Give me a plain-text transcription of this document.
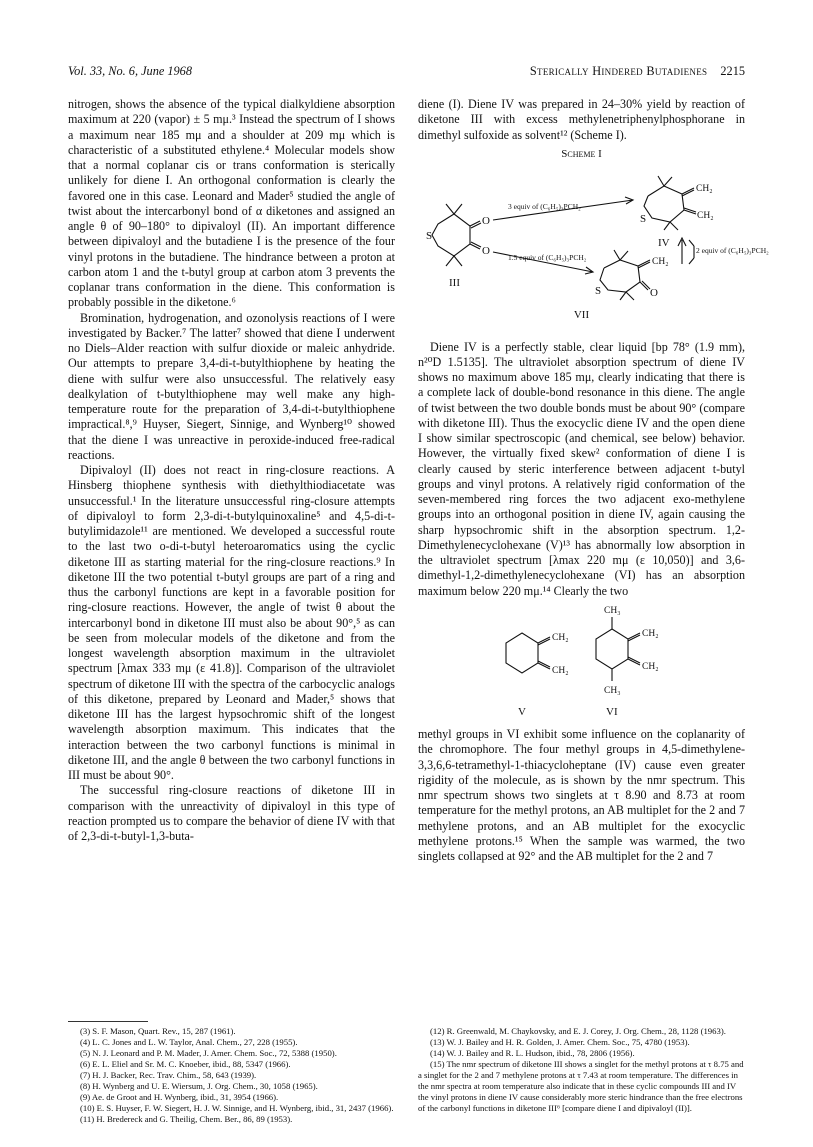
Vol. 33, No. 6, June 1968	Sterically Hindered Butadienes 2215

nitrogen, shows the absence of the typical dialkyldiene absorption maximum at 220 (vapor) ± 5 mμ.³ Instead the spectrum of I shows a maximum near 185 mμ and a shoulder at 209 mμ which is characteristic of a substituted ethylene.⁴ Molecular models show that a normal coplanar cis or trans conformation is sterically unlikely for diene I. An orthogonal conformation is clearly the favored one in this case. Leonard and Mader⁵ studied the angle of twist about the intercarbonyl bond of α diketones and assigned an angle θ of 90–180° to dipivaloyl (II). An important difference between dipivaloyl and the butadiene I is the presence of the four vinyl protons in the butadiene. The hindrance between a proton at carbon atom 1 and the t-butyl group at carbon atom 3 prevents the coplanar trans conformation in the diene. This conformation is probably possible in the diketone.⁶

Bromination, hydrogenation, and ozonolysis reactions of I were investigated by Backer.⁷ The latter⁷ showed that diene I underwent no Diels–Alder reaction with sulfur dioxide or maleic anhydride. Our attempts to prepare 3,4-di-t-butylthiophene by heating the diene with sulfur were also unsuccessful. The relatively easy dealkylation of t-butylthiophene may well make any high-temperature route for the preparation of 3,4-di-t-butylthiophene impractical.⁸,⁹ Huyser, Siegert, Sinnige, and Wynberg¹⁰ showed that the diene I was unreactive in peroxide-induced free-radical reactions.

Dipivaloyl (II) does not react in ring-closure reactions. A Hinsberg thiophene synthesis with diethylthiodiacetate was unsuccessful.¹ In the literature unsuccessful ring-closure attempts of dipivaloyl to form 2,3-di-t-butylquinoxaline⁵ and 4,5-di-t-butylimidazole¹¹ are mentioned. We developed a successful route to the last two o-di-t-butyl heteroaromatics using the cyclic diketone III as starting material for the ring-closure reactions.⁹ In diketone III the two potential t-butyl groups are part of a ring and thus the carbonyl functions are kept in a favorable position for ring-closure reactions. However, the angle of twist θ about the intercarbonyl bond in diketone III must also be about 90°,⁵ as can be seen from molecular models of the diketone and from the longest wavelength absorption maximum in the ultraviolet spectrum [λmax 333 mμ (ε 41.8)]. Comparison of the ultraviolet spectrum of diketone III with the spectra of the carbocyclic analogs of this diketone, prepared by Leonard and Mader,⁵ shows that diketone III has the largest hypsochromic shift of the longest wavelength absorption maximum. This indicates that the interaction between the two carbonyl functions is minimal in diketone III, and the angle θ between the two carbonyl functions in III must be about 90°.

The successful ring-closure reactions of diketone III in comparison with the unreactivity of dipivaloyl in this type of reaction prompted us to compare the behavior of diene IV with that of 2,3-di-t-butyl-1,3-buta-

diene (I). Diene IV was prepared in 24–30% yield by reaction of diketone III with excess methylenetriphenylphosphorane in dimethyl sulfoxide as solvent¹² (Scheme I).

Scheme I
S
O
O
III
3 equiv of (C₆H₅)₃PCH₂
1.5 equiv of (C₆H₅)₃PCH₂
S
CH₂
CH₂
IV
2 equiv of (C₆H₅)₃PCH₂
S
CH₂
O
VII

Diene IV is a perfectly stable, clear liquid [bp 78° (1.9 mm), n²⁰D 1.5135]. The ultraviolet absorption spectrum of diene IV shows no maximum above 185 mμ, clearly indicating that there is a complete lack of double-bond resonance in this diene. The angle of twist between the two double bonds must be about 90° (compare with diketone III). Thus the exocyclic diene IV and the open diene I show similar spectroscopic (and chemical, see below) behavior. However, the virtually fixed skew² conformation of diene I is clearly caused by steric interference between adjacent t-butyl groups and vinyl protons. A relatively rigid conformation of the seven-membered ring forces the two adjacent exo-methylene groups into an orthogonal position in diene IV, again causing the sharp hypsochromic shift in the absorption spectrum. 1,2-Dimethylenecyclohexane (V)¹³ has abnormally low absorption in the ultraviolet spectrum [λmax 220 mμ (ε 10,050)] and 3,6-dimethyl-1,2-dimethylenecyclohexane (VI) has an absorption maximum below 220 mμ.¹⁴ Clearly the two

CH₂
CH₂
CH₂
CH₂
CH₃
CH₃
V	VI

methyl groups in VI exhibit some influence on the coplanarity of the chromophore. The four methyl groups in 4,5-dimethylene-3,3,6,6-tetramethyl-1-thiacycloheptane (IV) cause even greater rigidity of the molecule, as is shown by the nmr spectrum. This nmr spectrum shows two singlets at τ 8.90 and 8.73 at room temperature for the methyl protons, an AB multiplet for the 2 and 7 methylene protons, and an AB multiplet for the exocyclic methylene protons.¹⁵ When the sample was warmed, the two singlets collapsed at 92° and the AB multiplet for the 2 and 7

(3) S. F. Mason, Quart. Rev., 15, 287 (1961).
(4) L. C. Jones and L. W. Taylor, Anal. Chem., 27, 228 (1955).
(5) N. J. Leonard and P. M. Mader, J. Amer. Chem. Soc., 72, 5388 (1950).
(6) E. L. Eliel and Sr. M. C. Knoeber, ibid., 88, 5347 (1966).
(7) H. J. Backer, Rec. Trav. Chim., 58, 643 (1939).
(8) H. Wynberg and U. E. Wiersum, J. Org. Chem., 30, 1058 (1965).
(9) Ae. de Groot and H. Wynberg, ibid., 31, 3954 (1966).
(10) E. S. Huyser, F. W. Siegert, H. J. W. Sinnige, and H. Wynberg, ibid., 31, 2437 (1966).
(11) H. Bredereck and G. Theilig, Chem. Ber., 86, 89 (1953).
(12) R. Greenwald, M. Chaykovsky, and E. J. Corey, J. Org. Chem., 28, 1128 (1963).
(13) W. J. Bailey and H. R. Golden, J. Amer. Chem. Soc., 75, 4780 (1953).
(14) W. J. Bailey and R. L. Hudson, ibid., 78, 2806 (1956).
(15) The nmr spectrum of diketone III shows a singlet for the methyl protons at τ 8.75 and a singlet for the 2 and 7 methylene protons at τ 7.43 at room temperature. The differences in the nmr spectra at room temperature also indicate that in these cyclic compounds III and IV the vinyl protons in diene IV cause considerably more steric hindrance than the free electrons of the carbonyl functions in diketone III⁶ [compare diene I and dipivaloyl (II)].
